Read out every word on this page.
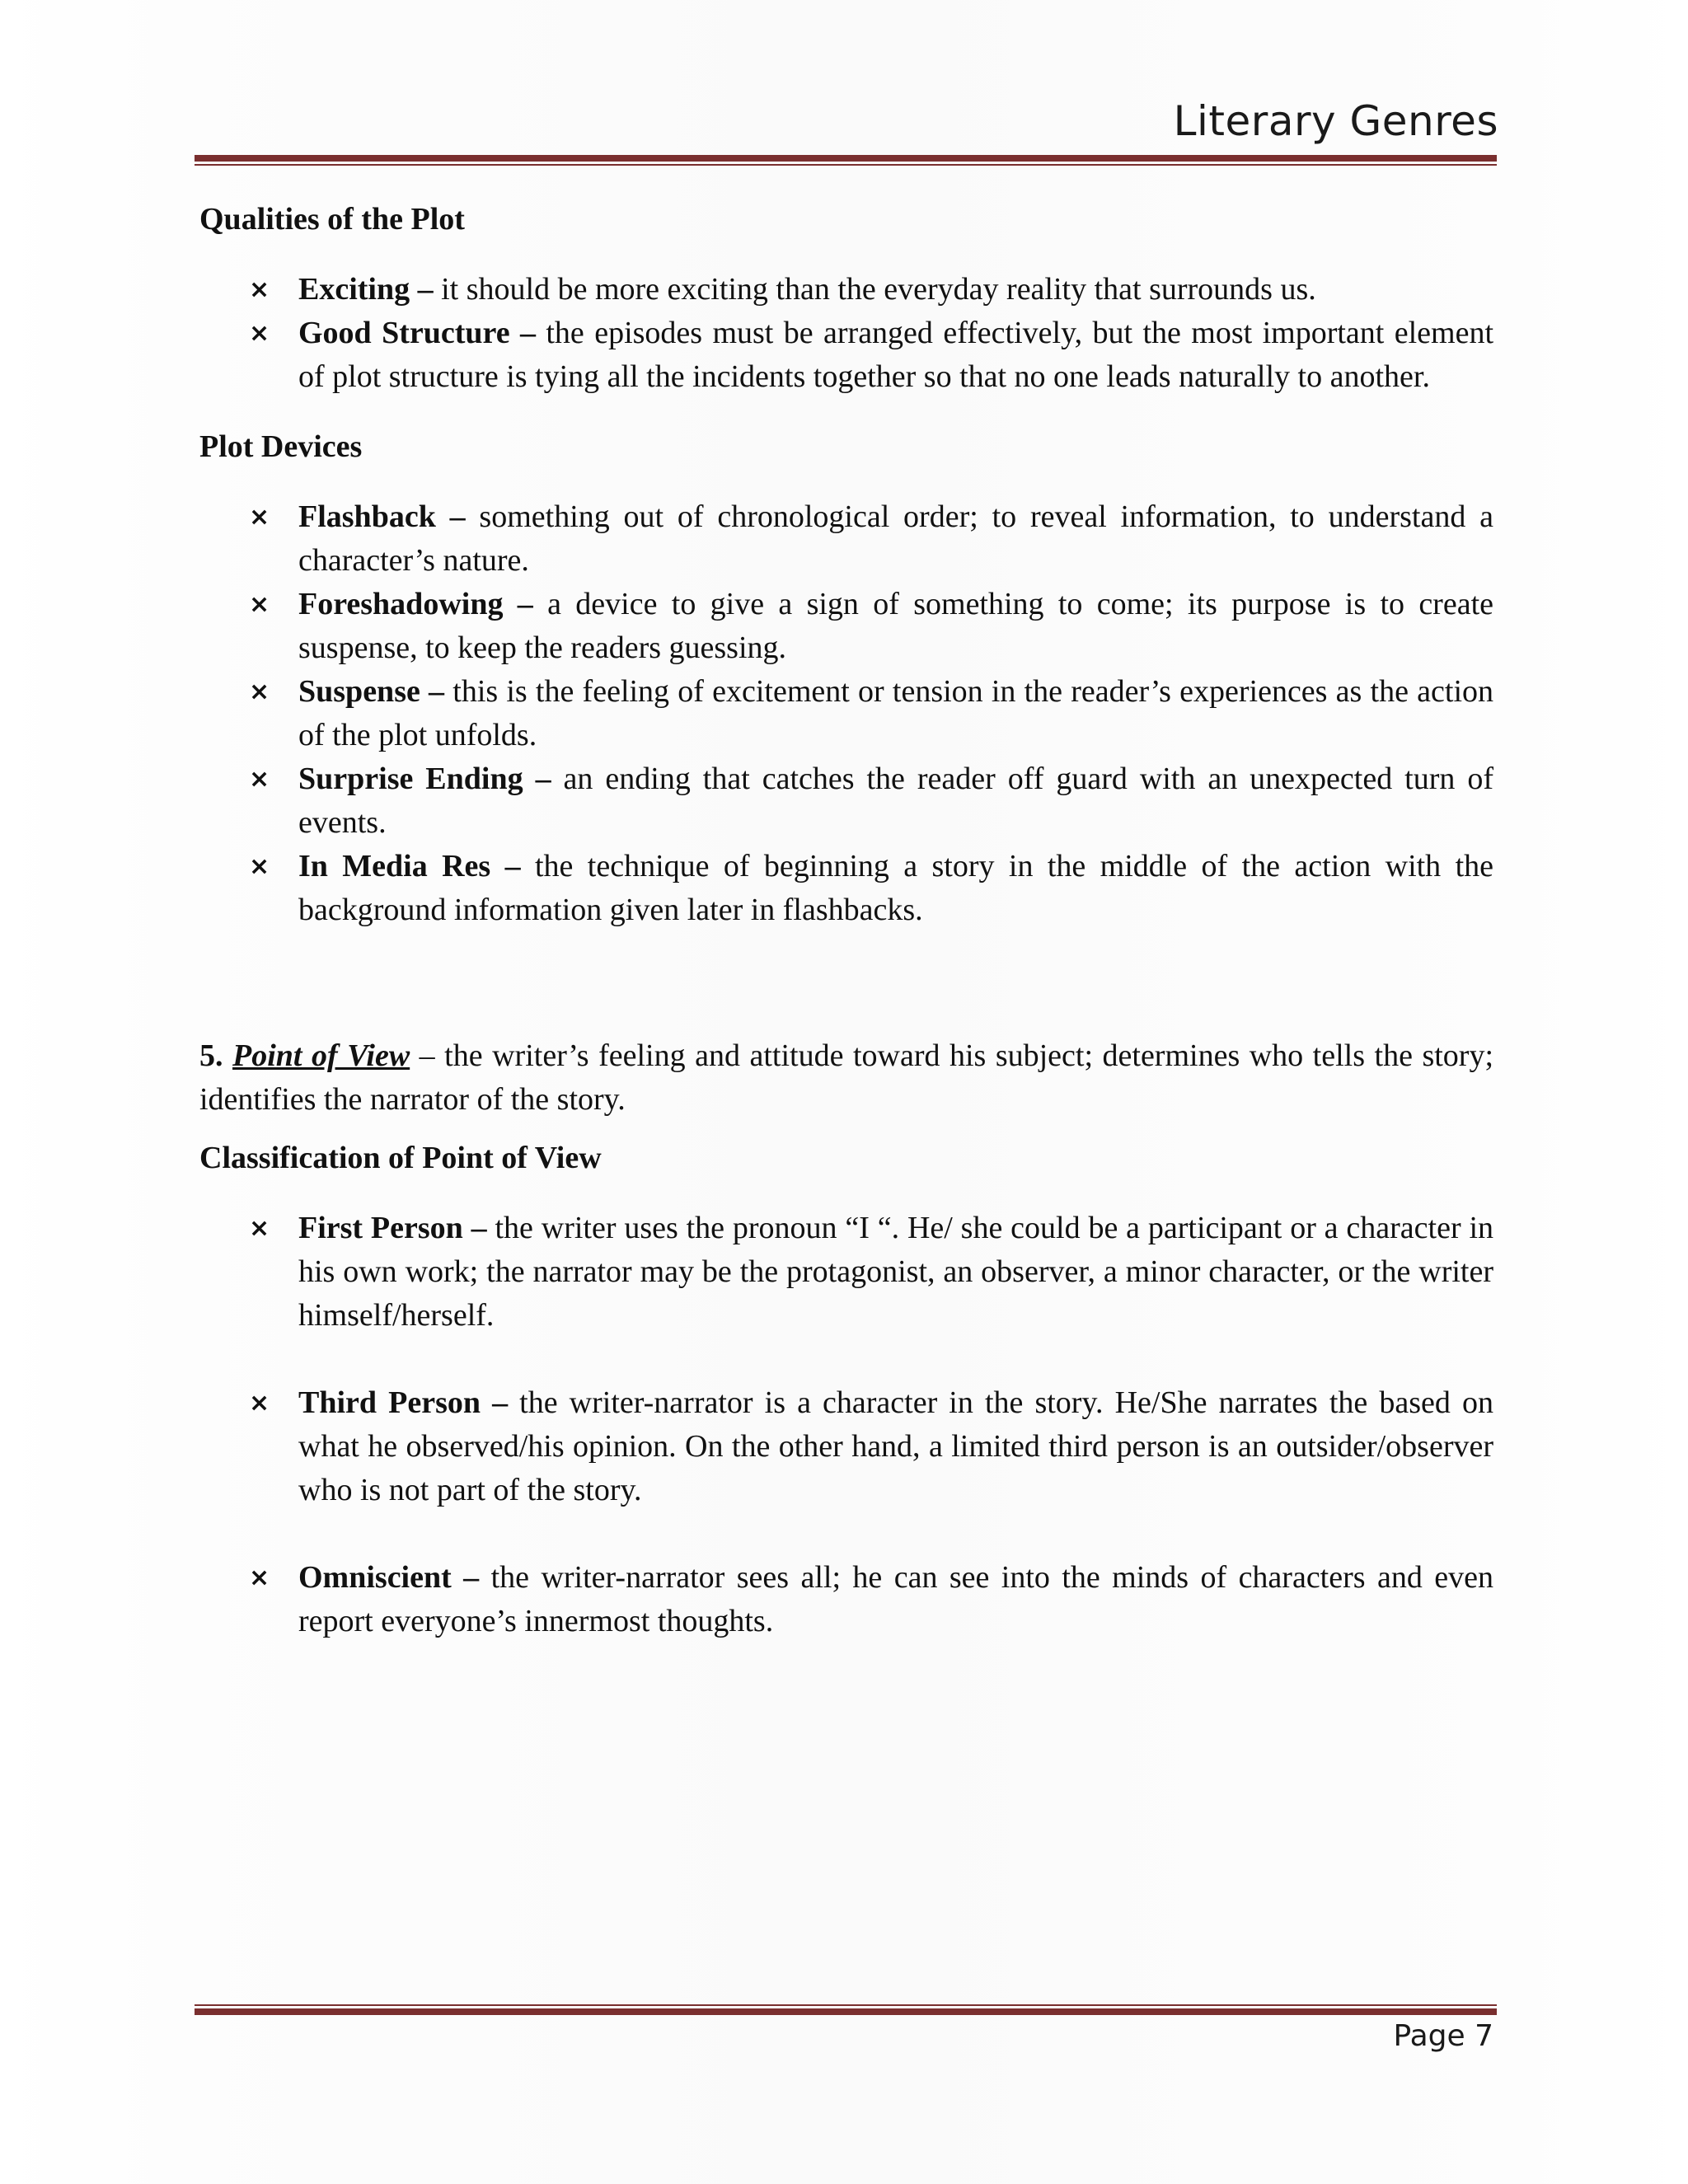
Literary Genres
Qualities of the Plot
× Exciting – it should be more exciting than the everyday reality that surrounds us.
× Good Structure – the episodes must be arranged effectively, but the most important element of plot structure is tying all the incidents together so that no one leads naturally to another.
Plot Devices
× Flashback – something out of chronological order; to reveal information, to understand a character’s nature.
× Foreshadowing – a device to give a sign of something to come; its purpose is to create suspense, to keep the readers guessing.
× Suspense – this is the feeling of excitement or tension in the reader’s experiences as the action of the plot unfolds.
× Surprise Ending – an ending that catches the reader off guard with an unexpected turn of events.
× In Media Res – the technique of beginning a story in the middle of the action with the background information given later in flashbacks.

5. Point of View – the writer’s feeling and attitude toward his subject; determines who tells the story; identifies the narrator of the story.

Classification of Point of View
× First Person – the writer uses the pronoun “I “. He/ she could be a participant or a character in his own work; the narrator may be the protagonist, an observer, a minor character, or the writer himself/herself.
× Third Person – the writer-narrator is a character in the story. He/She narrates the based on what he observed/his opinion. On the other hand, a limited third person is an outsider/observer who is not part of the story.
× Omniscient – the writer-narrator sees all; he can see into the minds of characters and even report everyone’s innermost thoughts.
Page 7
